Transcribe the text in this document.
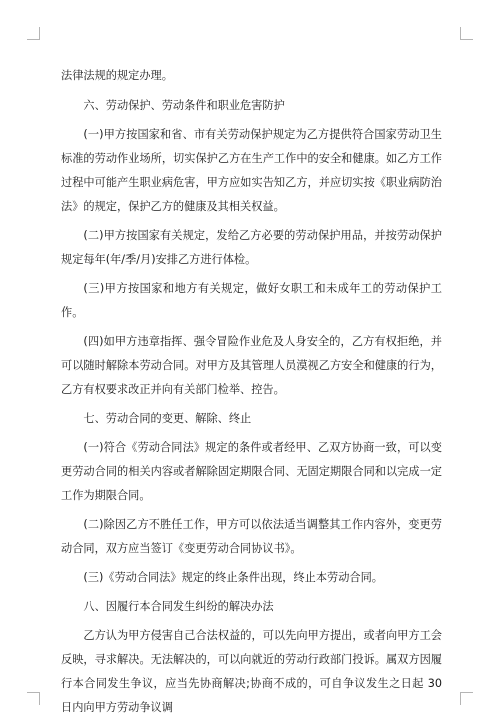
法律法规的规定办理。

六、劳动保护、劳动条件和职业危害防护

(一)甲方按国家和省、市有关劳动保护规定为乙方提供符合国家劳动卫生标准的劳动作业场所，切实保护乙方在生产工作中的安全和健康。如乙方工作过程中可能产生职业病危害，甲方应如实告知乙方，并应切实按《职业病防治法》的规定，保护乙方的健康及其相关权益。

(二)甲方按国家有关规定，发给乙方必要的劳动保护用品，并按劳动保护规定每年(年/季/月)安排乙方进行体检。

(三)甲方按国家和地方有关规定，做好女职工和未成年工的劳动保护工作。

(四)如甲方违章指挥、强令冒险作业危及人身安全的，乙方有权拒绝，并可以随时解除本劳动合同。对甲方及其管理人员漠视乙方安全和健康的行为，乙方有权要求改正并向有关部门检举、控告。

七、劳动合同的变更、解除、终止

(一)符合《劳动合同法》规定的条件或者经甲、乙双方协商一致，可以变更劳动合同的相关内容或者解除固定期限合同、无固定期限合同和以完成一定工作为期限合同。

(二)除因乙方不胜任工作，甲方可以依法适当调整其工作内容外，变更劳动合同，双方应当签订《变更劳动合同协议书》。

(三)《劳动合同法》规定的终止条件出现，终止本劳动合同。

八、因履行本合同发生纠纷的解决办法

乙方认为甲方侵害自己合法权益的，可以先向甲方提出，或者向甲方工会反映，寻求解决。无法解决的，可以向就近的劳动行政部门投诉。属双方因履行本合同发生争议，应当先协商解决;协商不成的，可自争议发生之日起 30 日内向甲方劳动争议调
